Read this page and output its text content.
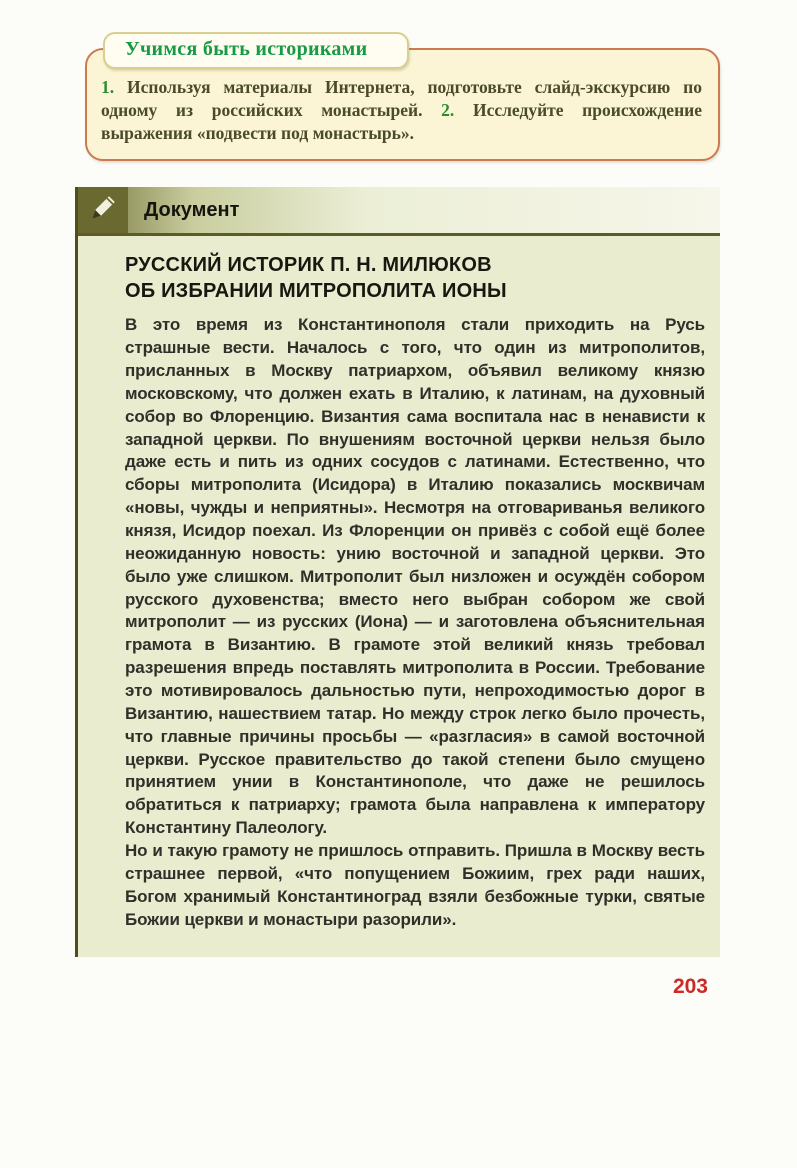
Учимся быть историками

1. Используя материалы Интернета, подготовьте слайд-экскурсию по одному из российских монастырей. 2. Исследуйте происхождение выражения «подвести под монастырь».

Документ
РУССКИЙ ИСТОРИК П. Н. МИЛЮКОВ
ОБ ИЗБРАНИИ МИТРОПОЛИТА ИОНЫ

В это время из Константинополя стали приходить на Русь страшные вести. Началось с того, что один из митрополитов, присланных в Москву патриархом, объявил великому князю московскому, что должен ехать в Италию, к латинам, на духовный собор во Флоренцию. Византия сама воспитала нас в ненависти к западной церкви. По внушениям восточной церкви нельзя было даже есть и пить из одних сосудов с латинами. Естественно, что сборы митрополита (Исидора) в Италию показались москвичам «новы, чужды и неприятны». Несмотря на отговариванья великого князя, Исидор поехал. Из Флоренции он привёз с собой ещё более неожиданную новость: унию восточной и западной церкви. Это было уже слишком. Митрополит был низложен и осуждён собором русского духовенства; вместо него выбран собором же свой митрополит — из русских (Иона) — и заготовлена объяснительная грамота в Византию. В грамоте этой великий князь требовал разрешения впредь поставлять митрополита в России. Требование это мотивировалось дальностью пути, непроходимостью дорог в Византию, нашествием татар. Но между строк легко было прочесть, что главные причины просьбы — «разгласия» в самой восточной церкви. Русское правительство до такой степени было смущено принятием унии в Константинополе, что даже не решилось обратиться к патриарху; грамота была направлена к императору Константину Палеологу.

Но и такую грамоту не пришлось отправить. Пришла в Москву весть страшнее первой, «что попущением Божиим, грех ради наших, Богом хранимый Константиноград взяли безбожные турки, святые Божии церкви и монастыри разорили».

203
